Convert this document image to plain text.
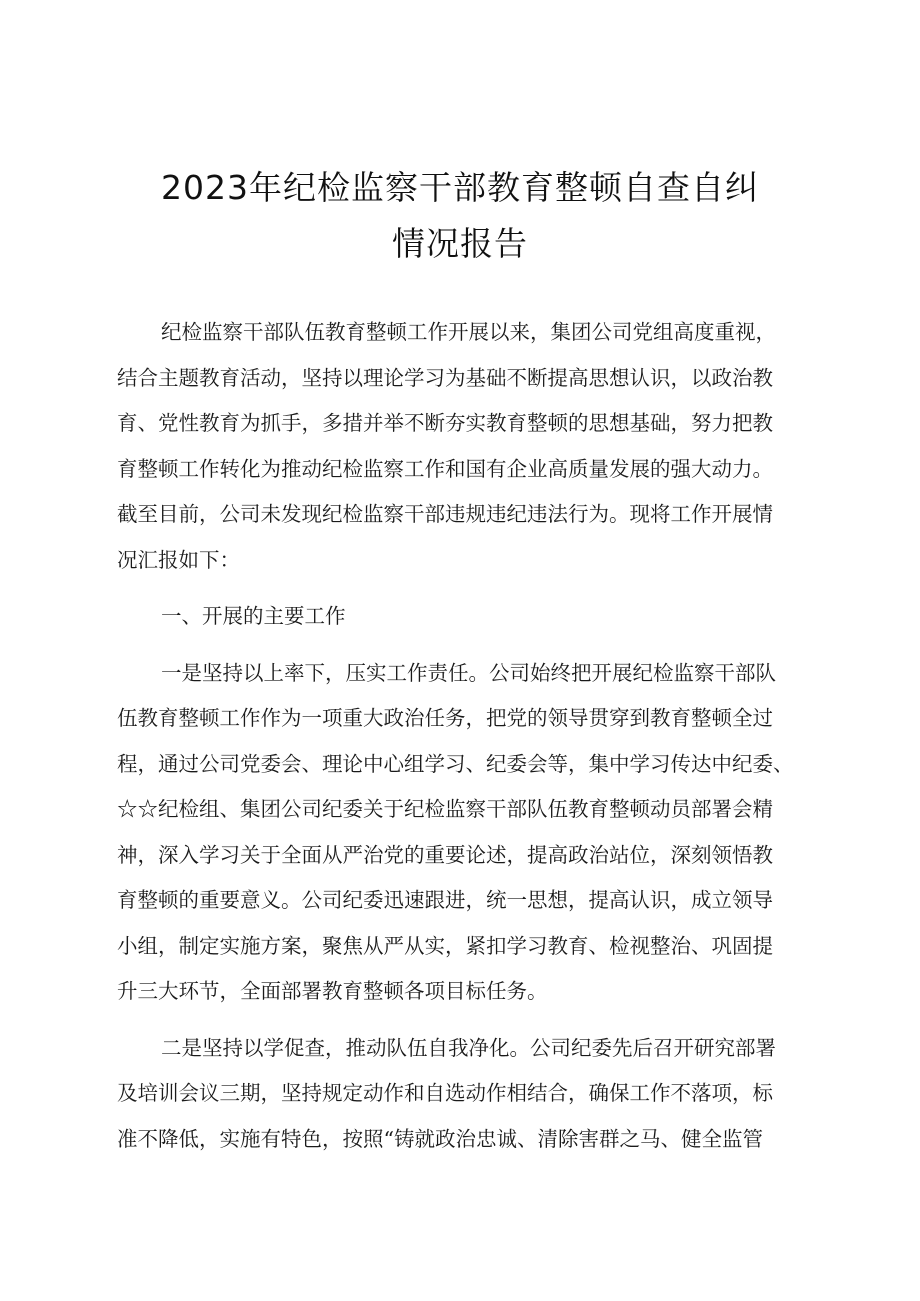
2023年纪检监察干部教育整顿自查自纠
情况报告
纪检监察干部队伍教育整顿工作开展以来，集团公司党组高度重视，
结合主题教育活动，坚持以理论学习为基础不断提高思想认识，以政治教
育、党性教育为抓手，多措并举不断夯实教育整顿的思想基础，努力把教
育整顿工作转化为推动纪检监察工作和国有企业高质量发展的强大动力。
截至目前，公司未发现纪检监察干部违规违纪违法行为。现将工作开展情
况汇报如下：
一、开展的主要工作
一是坚持以上率下，压实工作责任。公司始终把开展纪检监察干部队
伍教育整顿工作作为一项重大政治任务，把党的领导贯穿到教育整顿全过
程，通过公司党委会、理论中心组学习、纪委会等，集中学习传达中纪委、
☆☆纪检组、集团公司纪委关于纪检监察干部队伍教育整顿动员部署会精
神，深入学习关于全面从严治党的重要论述，提高政治站位，深刻领悟教
育整顿的重要意义。公司纪委迅速跟进，统一思想，提高认识，成立领导
小组，制定实施方案，聚焦从严从实，紧扣学习教育、检视整治、巩固提
升三大环节，全面部署教育整顿各项目标任务。
二是坚持以学促查，推动队伍自我净化。公司纪委先后召开研究部署
及培训会议三期，坚持规定动作和自选动作相结合，确保工作不落项，标
准不降低，实施有特色，按照“铸就政治忠诚、清除害群之马、健全监管
